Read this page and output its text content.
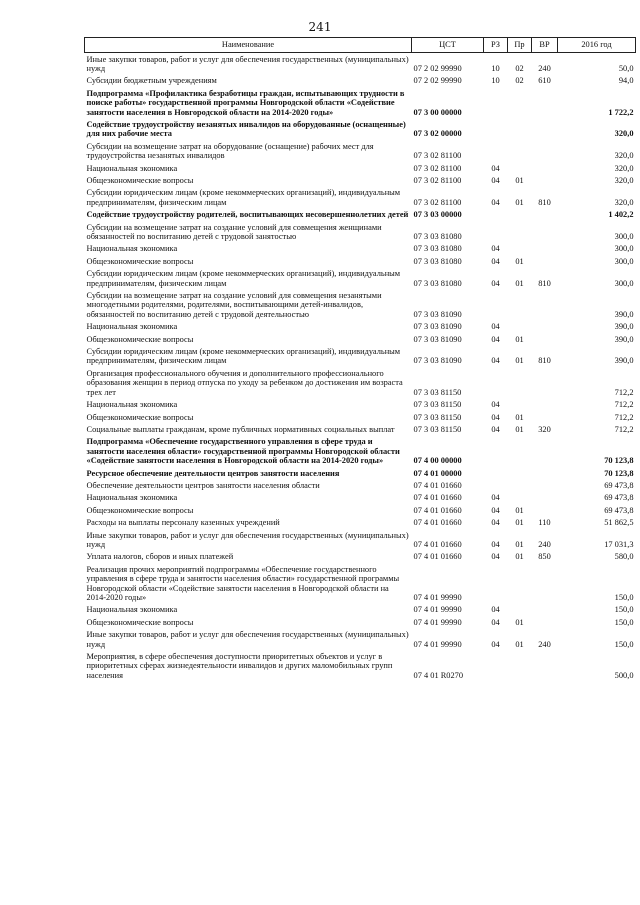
241
Наименование	ЦСТ	РЗ	Пр	ВР	2016 год
Иные закупки товаров, работ и услуг для обеспечения государственных (муниципальных) нужд	07 2 02 99990	10	02	240	50,0
Субсидии бюджетным учреждениям	07 2 02 99990	10	02	610	94,0
Подпрограмма «Профилактика безработицы граждан, испытывающих трудности в поиске работы» государственной программы Новгородской области «Содействие занятости населения в Новгородской области на 2014-2020 годы»	07 3 00 00000				1 722,2
Содействие трудоустройству незанятых инвалидов на оборудованные (оснащенные) для них рабочие места	07 3 02 00000				320,0
Субсидии на возмещение затрат на оборудование (оснащение) рабочих мест для трудоустройства незанятых инвалидов	07 3 02 81100				320,0
Национальная экономика	07 3 02 81100	04			320,0
Общеэкономические вопросы	07 3 02 81100	04	01		320,0
Субсидии юридическим лицам (кроме некоммерческих организаций), индивидуальным предпринимателям, физическим лицам	07 3 02 81100	04	01	810	320,0
Содействие трудоустройству родителей, воспитывающих несовершеннолетних детей	07 3 03 00000				1 402,2
Субсидии на возмещение затрат на создание условий для совмещения женщинами обязанностей по воспитанию детей с трудовой занятостью	07 3 03 81080				300,0
Национальная экономика	07 3 03 81080	04			300,0
Общеэкономические вопросы	07 3 03 81080	04	01		300,0
Субсидии юридическим лицам (кроме некоммерческих организаций), индивидуальным предпринимателям, физическим лицам	07 3 03 81080	04	01	810	300,0
Субсидии на возмещение затрат на создание условий для совмещения незанятыми многодетными родителями, родителями, воспитывающими детей-инвалидов, обязанностей по воспитанию детей с трудовой деятельностью	07 3 03 81090				390,0
Национальная экономика	07 3 03 81090	04			390,0
Общеэкономические вопросы	07 3 03 81090	04	01		390,0
Субсидии юридическим лицам (кроме некоммерческих организаций), индивидуальным предпринимателям, физическим лицам	07 3 03 81090	04	01	810	390,0
Организация профессионального обучения и дополнительного профессионального образования женщин в период отпуска по уходу за ребенком до достижения им возраста трех лет	07 3 03 81150				712,2
Национальная экономика	07 3 03 81150	04			712,2
Общеэкономические вопросы	07 3 03 81150	04	01		712,2
Социальные выплаты гражданам, кроме публичных нормативных социальных выплат	07 3 03 81150	04	01	320	712,2
Подпрограмма «Обеспечение государственного управления в сфере труда и занятости населения области» государственной программы Новгородской области «Содействие занятости населения в Новгородской области на 2014-2020 годы»	07 4 00 00000				70 123,8
Ресурсное обеспечение деятельности центров занятости населения	07 4 01 00000				70 123,8
Обеспечение деятельности центров занятости населения области	07 4 01 01660				69 473,8
Национальная экономика	07 4 01 01660	04			69 473,8
Общеэкономические вопросы	07 4 01 01660	04	01		69 473,8
Расходы на выплаты персоналу казенных учреждений	07 4 01 01660	04	01	110	51 862,5
Иные закупки товаров, работ и услуг для обеспечения государственных (муниципальных) нужд	07 4 01 01660	04	01	240	17 031,3
Уплата налогов, сборов и иных платежей	07 4 01 01660	04	01	850	580,0
Реализация прочих мероприятий подпрограммы «Обеспечение государственного управления в сфере труда и занятости населения области» государственной программы Новгородской области «Содействие занятости населения в Новгородской области на 2014-2020 годы»	07 4 01 99990				150,0
Национальная экономика	07 4 01 99990	04			150,0
Общеэкономические вопросы	07 4 01 99990	04	01		150,0
Иные закупки товаров, работ и услуг для обеспечения государственных (муниципальных) нужд	07 4 01 99990	04	01	240	150,0
Мероприятия, в сфере обеспечения доступности приоритетных объектов и услуг в приоритетных сферах жизнедеятельности инвалидов и других маломобильных групп населения	07 4 01 R0270				500,0
